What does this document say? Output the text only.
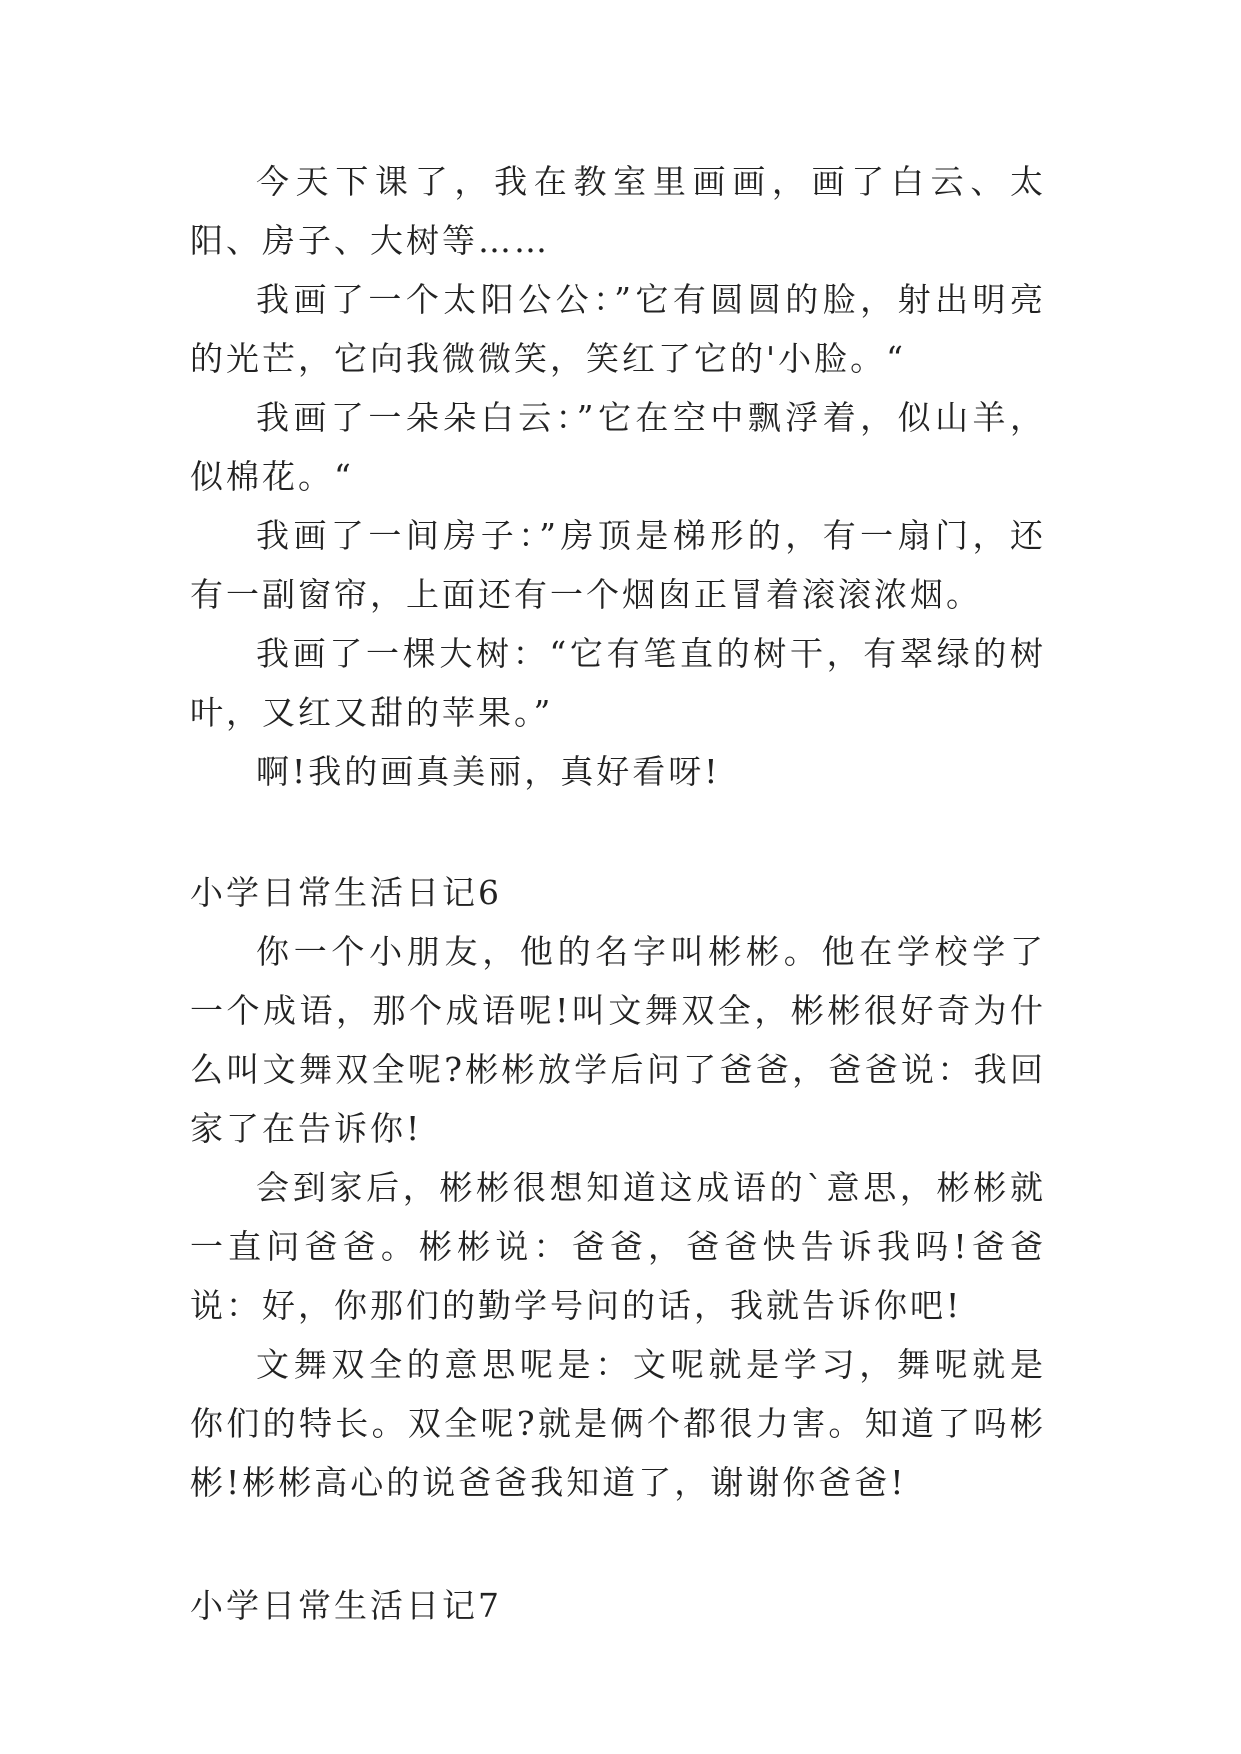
今天下课了，我在教室里画画，画了白云、太阳、房子、大树等……

我画了一个太阳公公：”它有圆圆的脸，射出明亮的光芒，它向我微微笑，笑红了它的'小脸。“

我画了一朵朵白云：”它在空中飘浮着，似山羊，似棉花。“

我画了一间房子：”房顶是梯形的，有一扇门，还有一副窗帘，上面还有一个烟囱正冒着滚滚浓烟。

我画了一棵大树：“它有笔直的树干，有翠绿的树叶，又红又甜的苹果。”

啊!我的画真美丽，真好看呀!

小学日常生活日记6

你一个小朋友，他的名字叫彬彬。他在学校学了一个成语，那个成语呢!叫文舞双全，彬彬很好奇为什么叫文舞双全呢?彬彬放学后问了爸爸，爸爸说：我回家了在告诉你!

会到家后，彬彬很想知道这成语的`意思，彬彬就一直问爸爸。彬彬说：爸爸，爸爸快告诉我吗!爸爸说：好，你那们的勤学号问的话，我就告诉你吧!

文舞双全的意思呢是：文呢就是学习，舞呢就是你们的特长。双全呢?就是俩个都很力害。知道了吗彬彬!彬彬高心的说爸爸我知道了，谢谢你爸爸!

小学日常生活日记7
